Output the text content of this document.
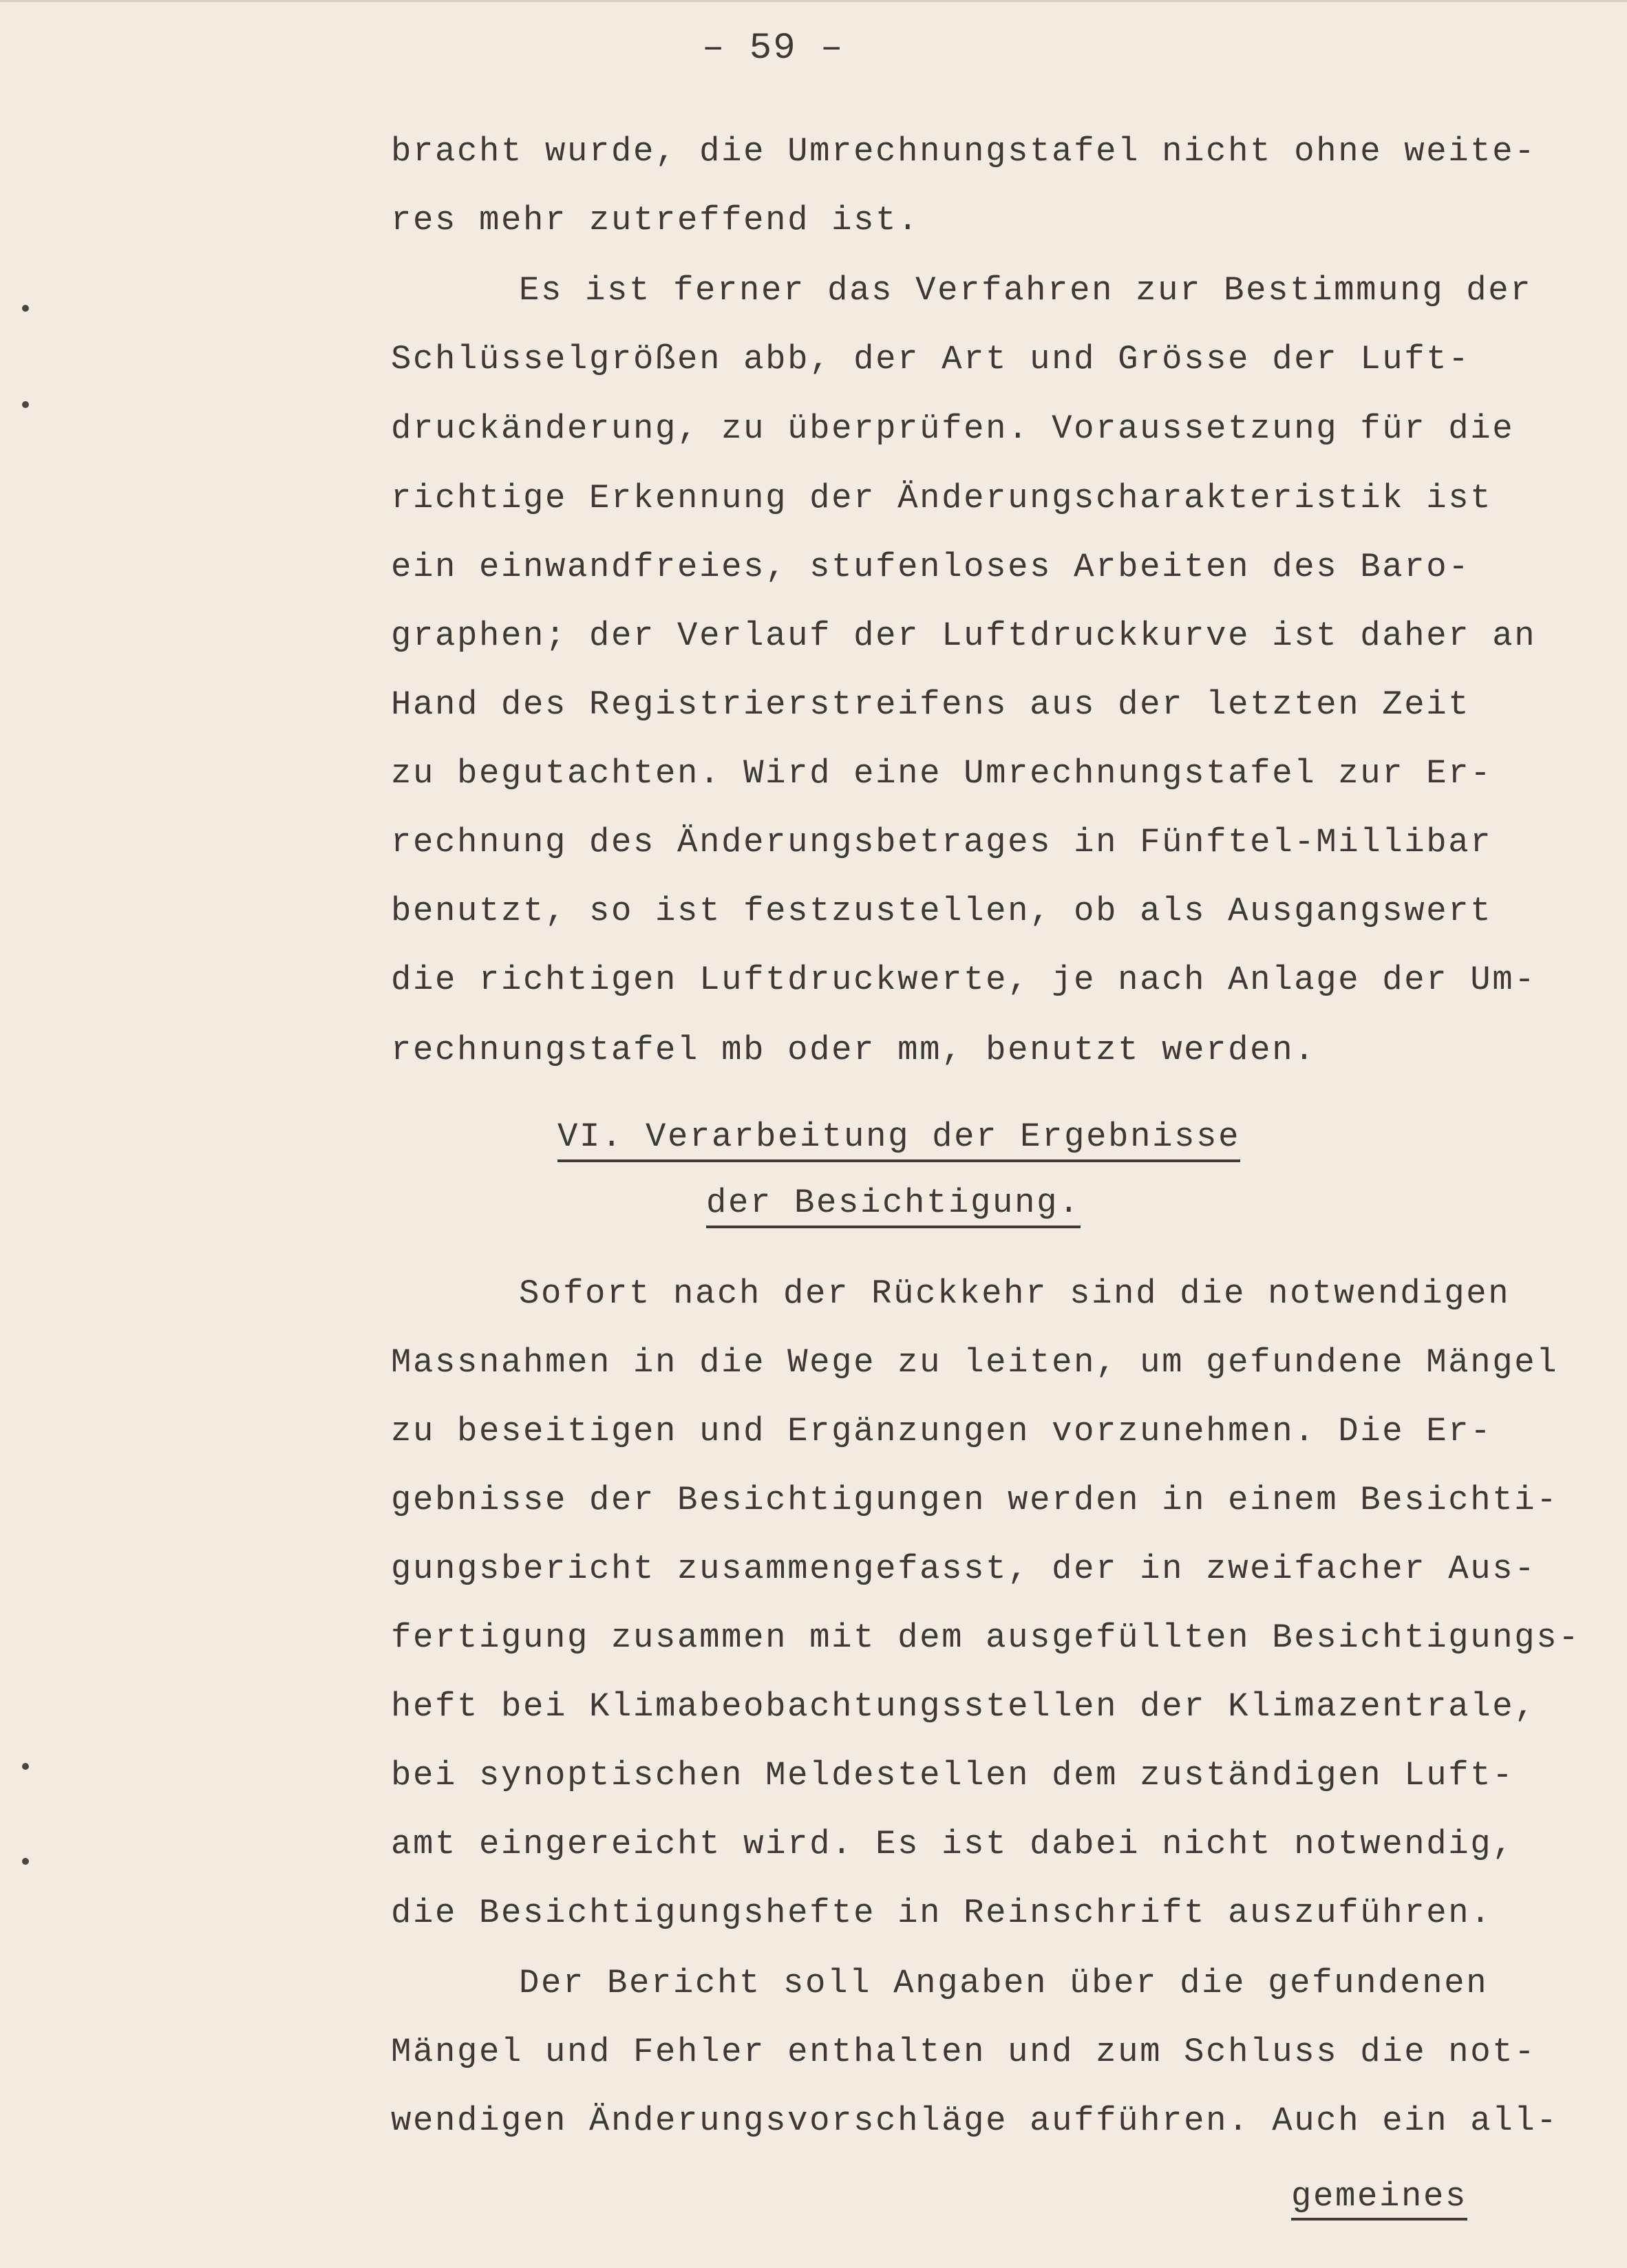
– 59 –
bracht wurde, die Umrechnungstafel nicht ohne weite-
res mehr zutreffend ist.
Es ist ferner das Verfahren zur Bestimmung der
Schlüsselgrößen abb, der Art und Grösse der Luft-
druckänderung, zu überprüfen. Voraussetzung für die
richtige Erkennung der Änderungscharakteristik ist
ein einwandfreies, stufenloses Arbeiten des Baro-
graphen; der Verlauf der Luftdruckkurve ist daher an
Hand des Registrierstreifens aus der letzten Zeit
zu begutachten. Wird eine Umrechnungstafel zur Er-
rechnung des Änderungsbetrages in Fünftel-Millibar
benutzt, so ist festzustellen, ob als Ausgangswert
die richtigen Luftdruckwerte, je nach Anlage der Um-
rechnungstafel mb oder mm, benutzt werden.
VI. Verarbeitung der Ergebnisse
der Besichtigung.
Sofort nach der Rückkehr sind die notwendigen
Massnahmen in die Wege zu leiten, um gefundene Mängel
zu beseitigen und Ergänzungen vorzunehmen. Die Er-
gebnisse der Besichtigungen werden in einem Besichti-
gungsbericht zusammengefasst, der in zweifacher Aus-
fertigung zusammen mit dem ausgefüllten Besichtigungs-
heft bei Klimabeobachtungsstellen der Klimazentrale,
bei synoptischen Meldestellen dem zuständigen Luft-
amt eingereicht wird. Es ist dabei nicht notwendig,
die Besichtigungshefte in Reinschrift auszuführen.
Der Bericht soll Angaben über die gefundenen
Mängel und Fehler enthalten und zum Schluss die not-
wendigen Änderungsvorschläge aufführen. Auch ein all-
gemeines
